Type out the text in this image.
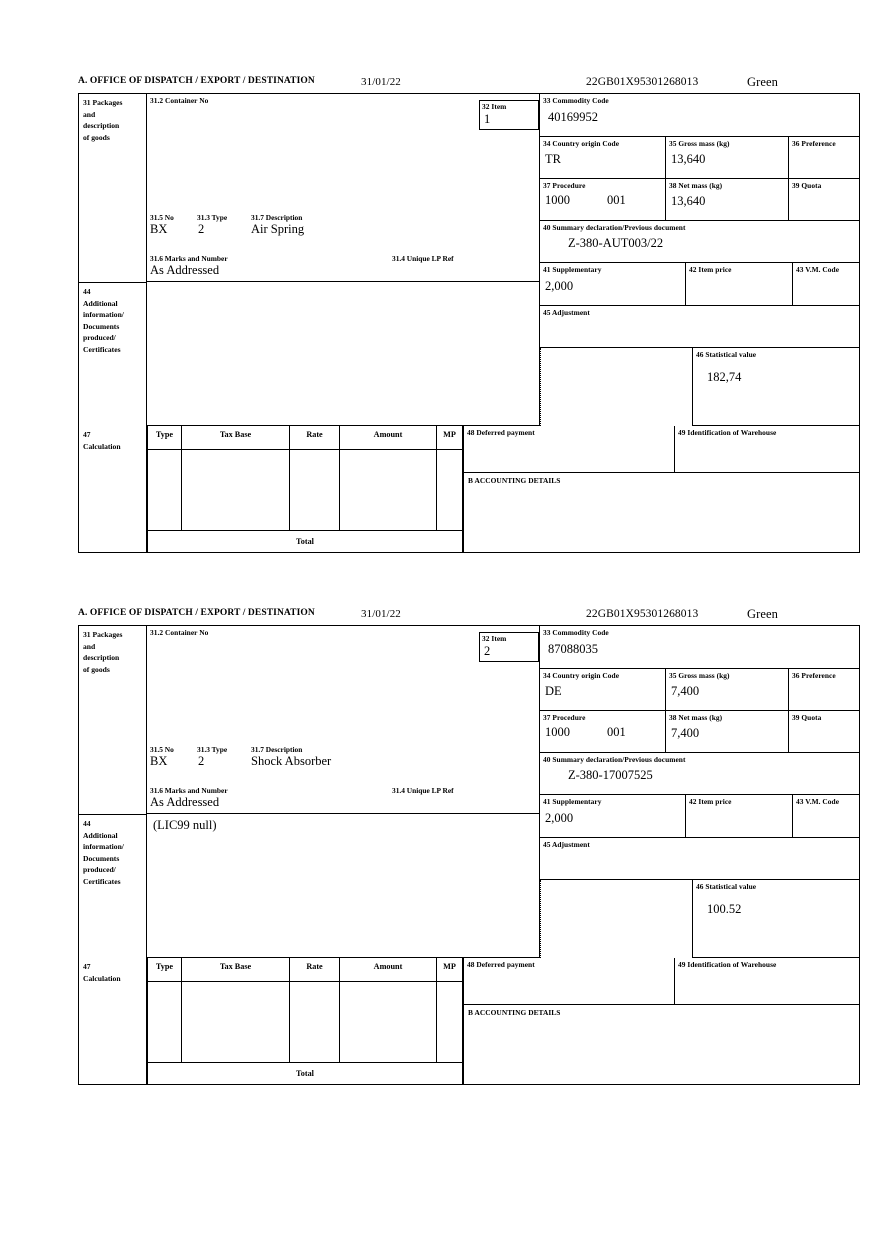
A. OFFICE OF DISPATCH / EXPORT / DESTINATION	31/01/22	22GB01X95301268013	Green
31 Packages
and
description
of goods
31.2 Container No
31.5 No	31.3 Type	31.7 Description
BX 2	Air Spring
31.6 Marks and Number	31.4 Unique LP Ref
As Addressed
32 Item
1
33 Commodity Code
40169952
34 Country origin Code
TR
35 Gross mass (kg)
13,640
36 Preference
37 Procedure
1000	001
38 Net mass (kg)
13,640
39 Quota
40 Summary declaration/Previous document
Z-380-AUT003/22
41 Supplementary
2,000
42 Item price	43 V.M. Code
44
Additional
information/
Documents
produced/
Certificates
45 Adjustment
46 Statistical value
182,74
47
Calculation
Type	Tax Base	Rate	Amount	MP
Total
48 Deferred payment	49 Identification of Warehouse
B ACCOUNTING DETAILS
A. OFFICE OF DISPATCH / EXPORT / DESTINATION	31/01/22	22GB01X95301268013	Green
31 Packages
and
description
of goods
31.2 Container No
31.5 No	31.3 Type	31.7 Description
BX 2	Shock Absorber
31.6 Marks and Number	31.4 Unique LP Ref
As Addressed
32 Item
2
33 Commodity Code
87088035
34 Country origin Code
DE
35 Gross mass (kg)
7,400
36 Preference
37 Procedure
1000	001
38 Net mass (kg)
7,400
39 Quota
40 Summary declaration/Previous document
Z-380-17007525
41 Supplementary
2,000
42 Item price	43 V.M. Code
44
Additional
information/
Documents
produced/
Certificates
(LIC99 null)
45 Adjustment
46 Statistical value
100.52
47
Calculation
Type	Tax Base	Rate	Amount	MP
Total
48 Deferred payment	49 Identification of Warehouse
B ACCOUNTING DETAILS
